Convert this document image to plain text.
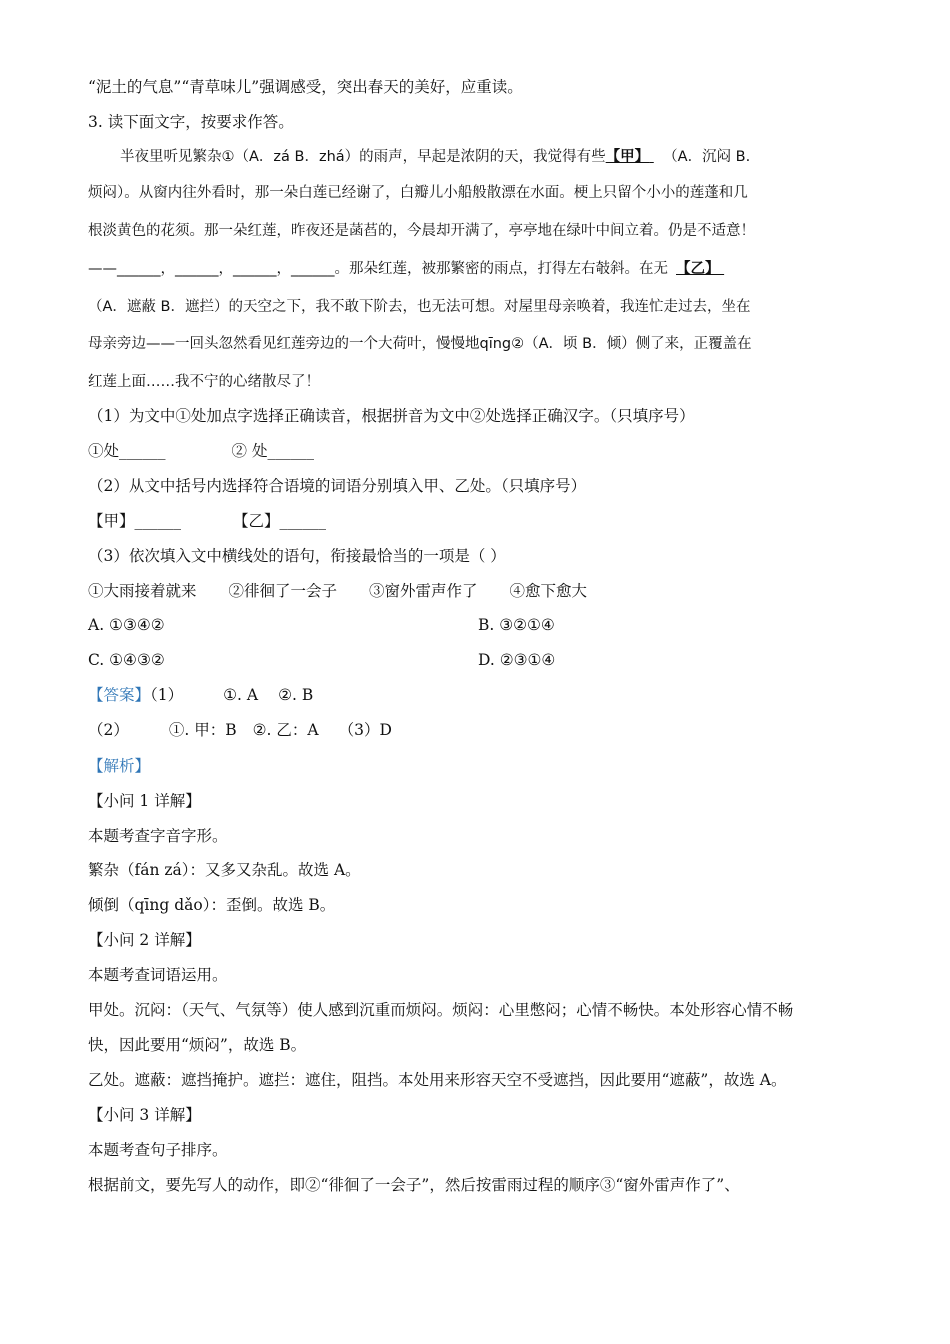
“泥土的气息”“青草味儿”强调感受，突出春天的美好，应重读。
3. 读下面文字，按要求作答。
半夜里听见繁杂①（A．zá B．zhá）的雨声，早起是浓阴的天，我觉得有些【甲】 （A．沉闷 B.
烦闷）。从窗内往外看时，那一朵白莲已经谢了，白瓣儿小船般散漂在水面。梗上只留个小小的莲蓬和几
根淡黄色的花须。那一朵红莲，昨夜还是菡萏的，今晨却开满了，亭亭地在绿叶中间立着。仍是不适意！
——______，______，______，______。那朵红莲，被那繁密的雨点，打得左右攲斜。在无 【乙】
（A．遮蔽 B．遮拦）的天空之下，我不敢下阶去，也无法可想。对屋里母亲唤着，我连忙走过去，坐在
母亲旁边——一回头忽然看见红莲旁边的一个大荷叶，慢慢地qīng②（A．顷 B．倾）侧了来，正覆盖在
红莲上面……我不宁的心绪散尽了！
（1）为文中①处加点字选择正确读音，根据拼音为文中②处选择正确汉字。（只填序号）
①处______	② 处______
（2）从文中括号内选择符合语境的词语分别填入甲、乙处。（只填序号）
【甲】______	【乙】______
（3）依次填入文中横线处的语句，衔接最恰当的一项是（ ）
①大雨接着就来 ②徘徊了一会子 ③窗外雷声作了 ④愈下愈大
A. ①③④②	B. ③②①④
C. ①④③②	D. ②③①④
【答案】（1）	①. A ②. B
（2）	①. 甲：B ②. 乙：A （3）D
【解析】
【小问 1 详解】
本题考查字音字形。
繁杂（fán zá）：又多又杂乱。故选 A。
倾倒（qīng dǎo）：歪倒。故选 B。
【小问 2 详解】
本题考查词语运用。
甲处。沉闷：（天气、气氛等）使人感到沉重而烦闷。烦闷：心里憋闷；心情不畅快。本处形容心情不畅
快，因此要用“烦闷”，故选 B。
乙处。遮蔽：遮挡掩护。遮拦：遮住，阻挡。本处用来形容天空不受遮挡，因此要用“遮蔽”，故选 A。
【小问 3 详解】
本题考查句子排序。
根据前文，要先写人的动作，即②“徘徊了一会子”，然后按雷雨过程的顺序③“窗外雷声作了”、
